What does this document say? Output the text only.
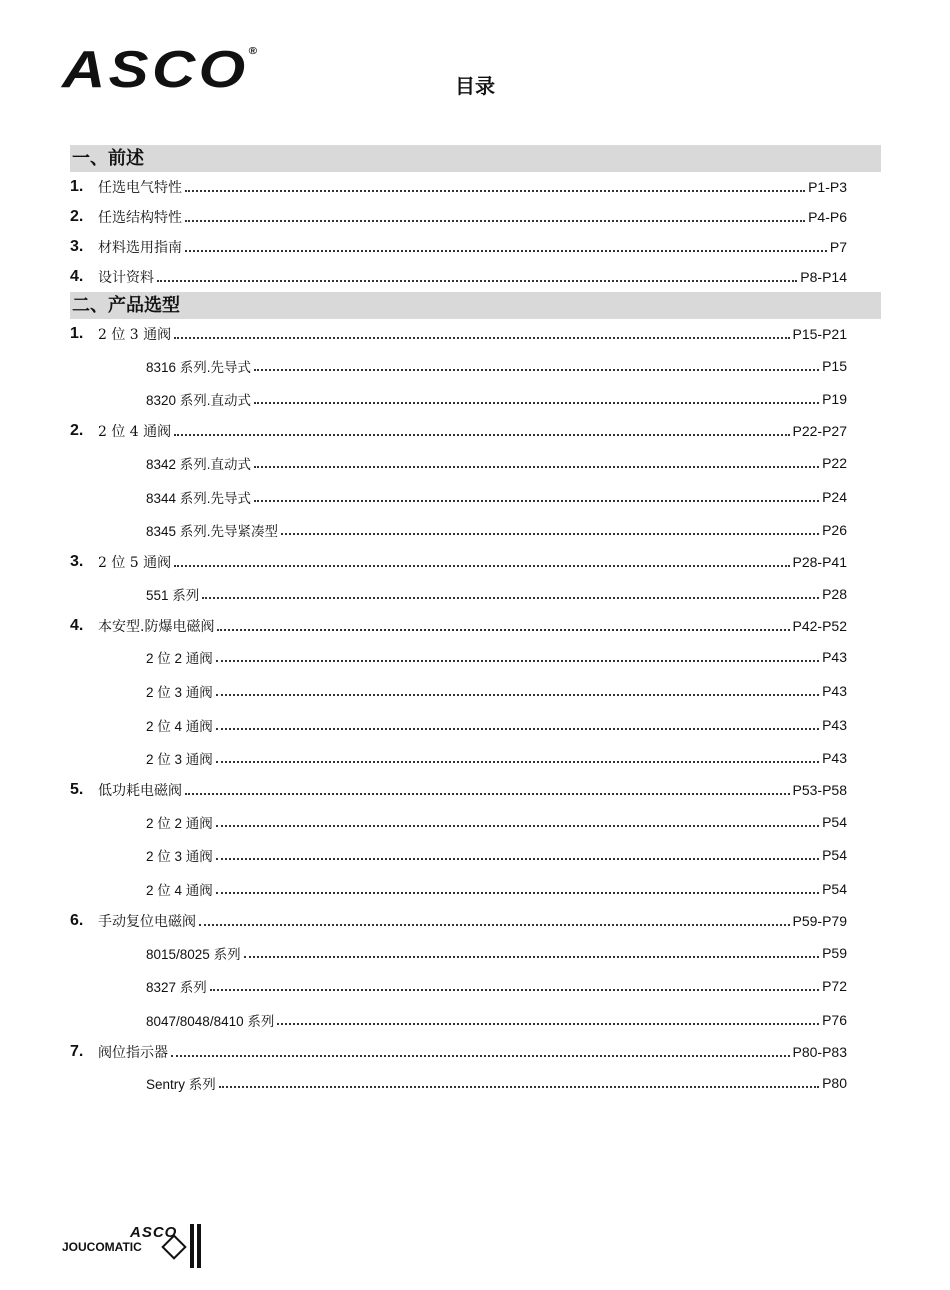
ASCO®
目录
一、前述
1.	任选电气特性	P1-P3
2.	任选结构特性	P4-P6
3.	材料选用指南	P7
4.	设计资料	P8-P14
二、产品选型
1.	2 位 3 通阀	P15-P21
8316 系列.先导式	P15
8320 系列.直动式	P19
2.	2 位 4 通阀	P22-P27
8342 系列.直动式	P22
8344 系列.先导式	P24
8345 系列.先导紧凑型	P26
3.	2 位 5 通阀	P28-P41
551 系列	P28
4.	本安型.防爆电磁阀	P42-P52
2 位 2 通阀	P43
2 位 3 通阀	P43
2 位 4 通阀	P43
2 位 3 通阀	P43
5.	低功耗电磁阀	P53-P58
2 位 2 通阀	P54
2 位 3 通阀	P54
2 位 4 通阀	P54
6.	手动复位电磁阀	P59-P79
8015/8025 系列	P59
8327 系列	P72
8047/8048/8410 系列	P76
7.	阀位指示器	P80-P83
Sentry 系列	P80
ASCO
JOUCOMATIC
